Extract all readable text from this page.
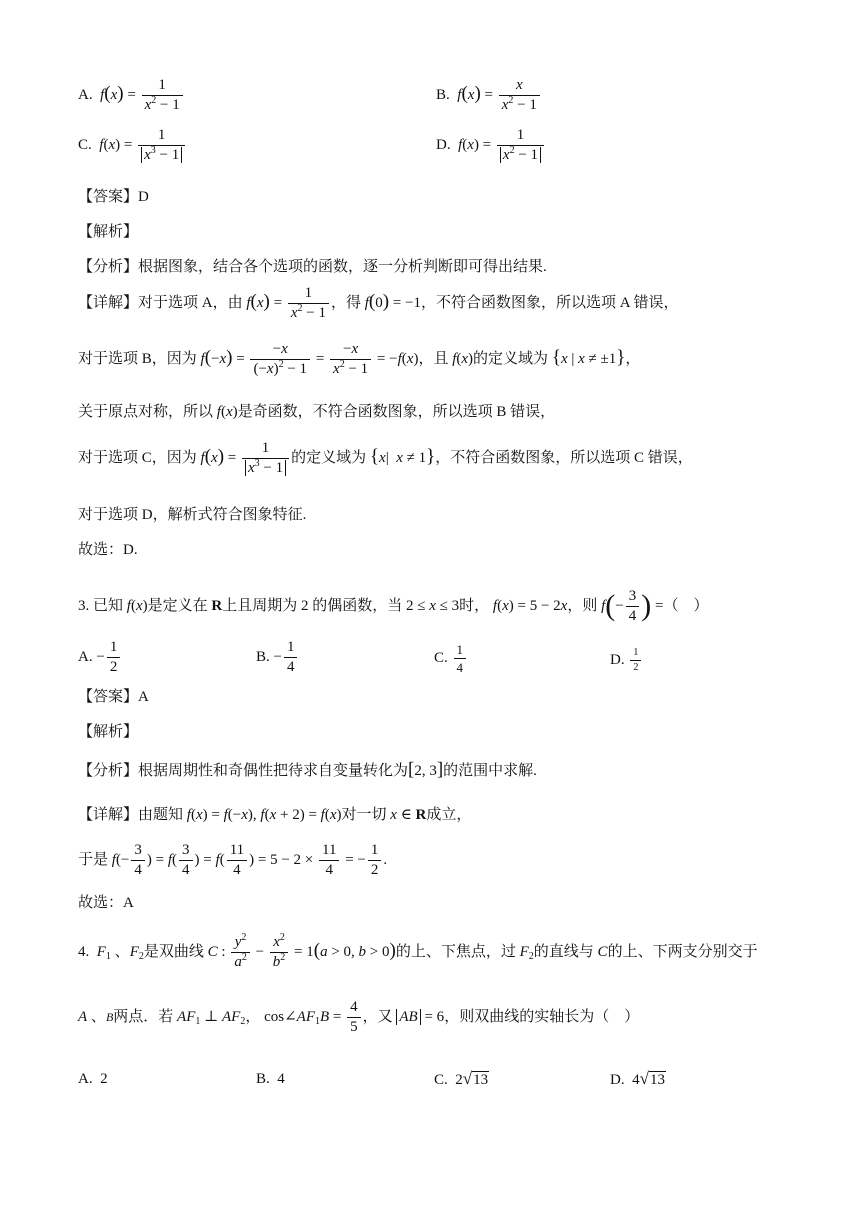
A. $f(x) = \frac{1}{x^2 - 1}$	B. $f(x) = \frac{x}{x^2 - 1}$
C. $f(x) = \frac{1}{x^3 - 1}$	D. $f(x) = \frac{1}{x^2 - 1}$
【答案】D
【解析】
【分析】根据图象，结合各个选项的函数，逐一分析判断即可得出结果.
【详解】对于选项 A，由 $f(x) = \frac{1}{x^2 - 1}$ ，得 f(0) = −1，不符合函数图象，所以选项 A 错误，
对于选项 B，因为 $f(-x) = \frac{-x}{(-x)^2 - 1} = \frac{-x}{x^2 - 1} = -f(x)$，且 f(x)的定义域为 {x | x ≠ ±1}，
关于原点对称，所以 f(x)是奇函数，不符合函数图象，所以选项 B 错误，
对于选项 C，因为 $f(x) = \frac{1}{x^3 - 1}$ 的定义域为 {x|  x ≠ 1}，不符合函数图象，所以选项 C 错误，
对于选项 D，解析式符合图象特征.
故选：D.
3. 已知 f(x)是定义在 R上且周期为 2 的偶函数，当 2 ≤ x ≤ 3时， f(x) = 5 − 2x，则 $f(- \frac{3}{4}$ ) =（　）
A. − $\frac{1}{2}$	B. − $\frac{1}{4}$	C. $\frac{1}{4}$	D. $\frac{1}{2}$
【答案】A
【解析】
【分析】根据周期性和奇偶性把待求自变量转化为[2, 3]的范围中求解.
【详解】由题知 f(x) = f(−x), f(x + 2) = f(x)对一切 x ∈ R成立，
于是 $f(- \frac{3}{4}$ ) = $f( \frac{3}{4}$ ) = $f( \frac{11}{4}$ ) = $5 - 2 \times \frac{11}{4}$ = − $\frac{1}{2}$ .
故选：A
4. $F_1$ 、$F_2$是双曲线 C : $\frac{y^2}{a^2} - \frac{x^2}{b^2} = 1(a > 0$, b > 0)的上、下焦点，过 $F_2$的直线与 C的上、下两支分别交于
A 、B两点．若 $AF_1$ ⊥ $AF_2$， $\cos\angle AF_1B = \frac{4}{5}$ ，又 AB = 6，则双曲线的实轴长为（　）
A. 2	B. 4	C.  2√13	D.  4√13
